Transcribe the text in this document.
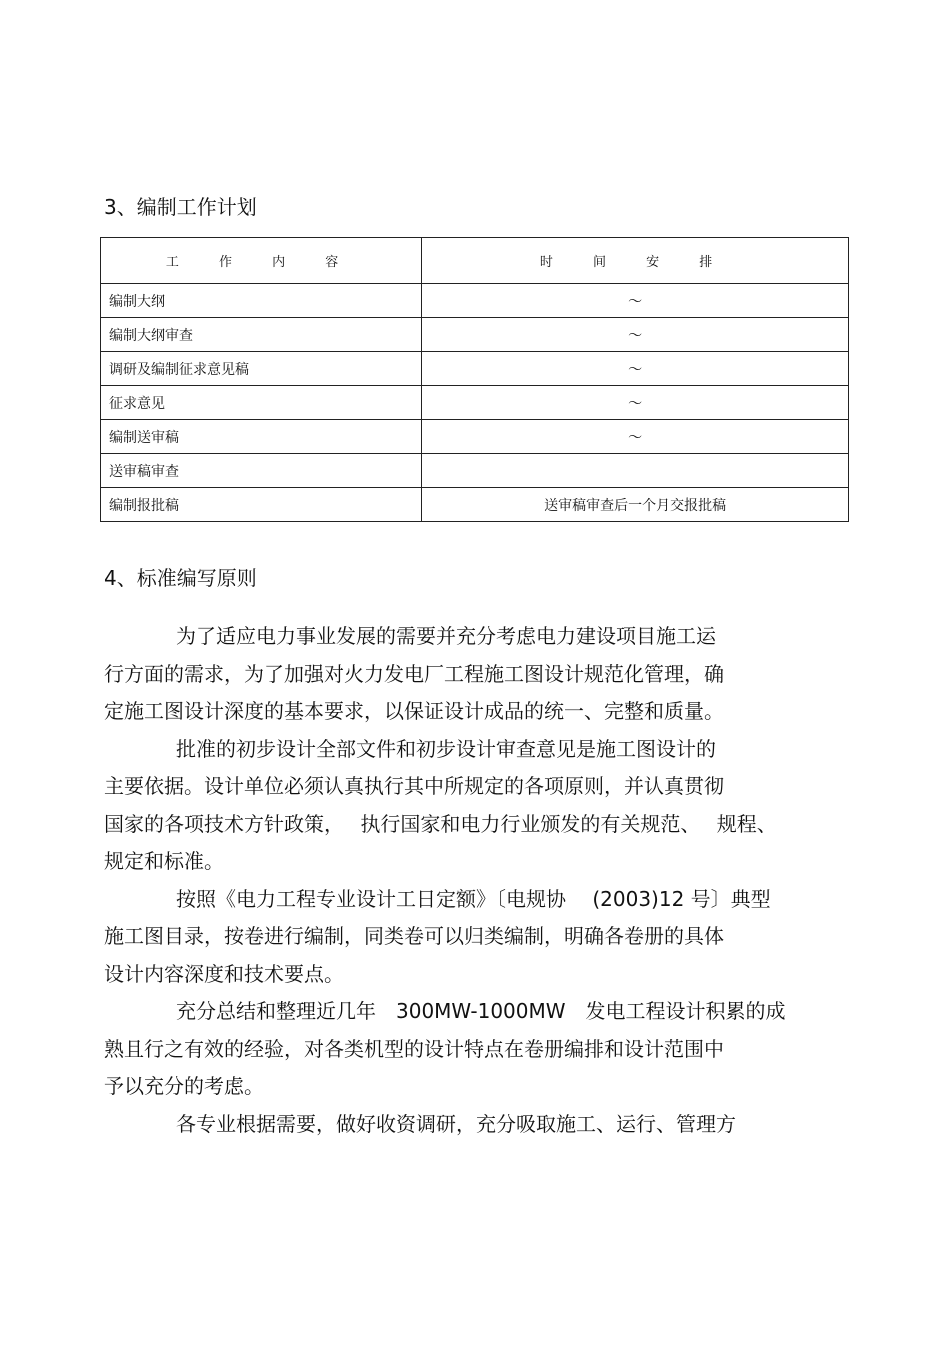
3、编制工作计划
工 作 内 容	时 间 安 排
编制大纲	～
编制大纲审查	～
调研及编制征求意见稿	～
征求意见	～
编制送审稿	～
送审稿审查	
编制报批稿	送审稿审查后一个月交报批稿
4、标准编写原则
为了适应电力事业发展的需要并充分考虑电力建设项目施工运
行方面的需求，为了加强对火力发电厂工程施工图设计规范化管理，确
定施工图设计深度的基本要求，以保证设计成品的统一、完整和质量。
批准的初步设计全部文件和初步设计审查意见是施工图设计的
主要依据。设计单位必须认真执行其中所规定的各项原则，并认真贯彻
国家的各项技术方针政策，　 执行国家和电力行业颁发的有关规范、　 规程、
规定和标准。
按照《电力工程专业设计工日定额》〔电规协　 (2003)12 号〕典型
施工图目录，按卷进行编制，同类卷可以归类编制，明确各卷册的具体
设计内容深度和技术要点。
充分总结和整理近几年　300MW-1000MW　发电工程设计积累的成
熟且行之有效的经验，对各类机型的设计特点在卷册编排和设计范围中
予以充分的考虑。
各专业根据需要，做好收资调研，充分吸取施工、运行、管理方
